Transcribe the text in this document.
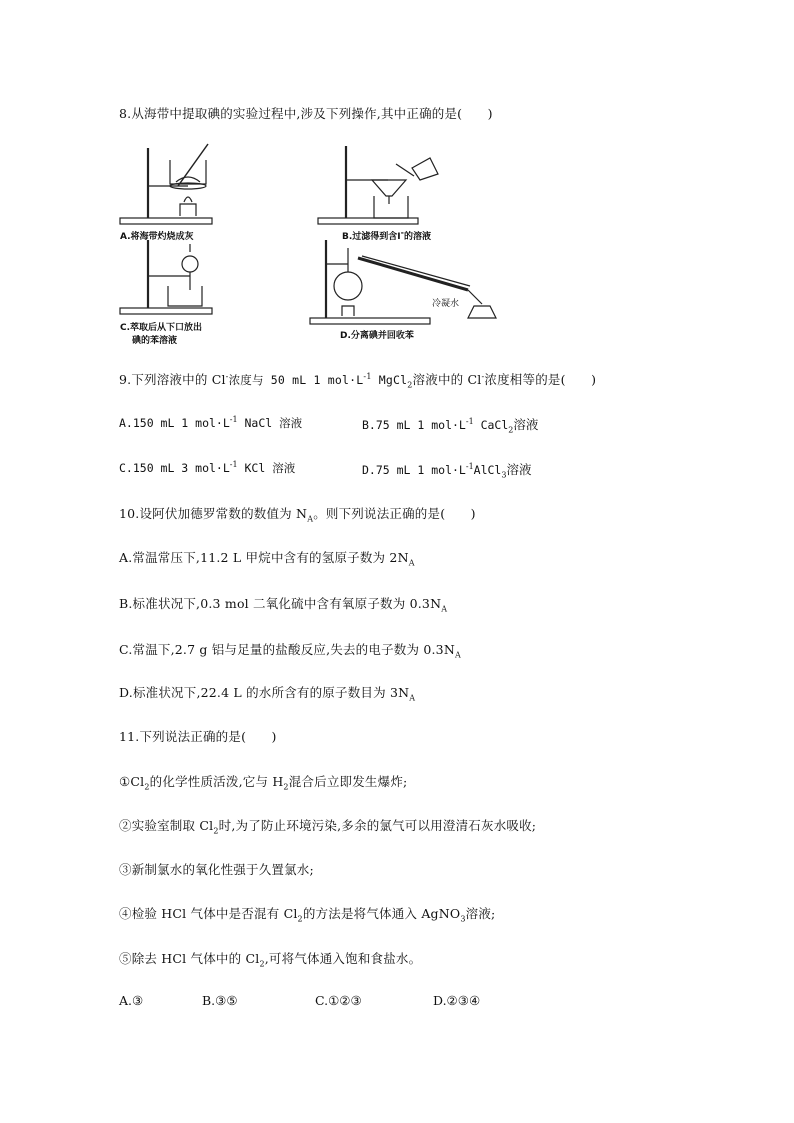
8.从海带中提取碘的实验过程中,涉及下列操作,其中正确的是(　　)
A.将海带灼烧成灰	B.过滤得到含I-的溶液
C.萃取后从下口放出
碘的苯溶液	D.分离碘并回收苯
冷凝水
9.下列溶液中的 Cl-浓度与 50 mL 1 $mol\cdot L^{-1}$ MgCl$_2$溶液中的 Cl-浓度相等的是(　　)
A.150 mL 1 $mol\cdot L^{-1}$ NaCl 溶液	B.75 mL 1 $mol\cdot L^{-1}$ CaCl$_2$溶液
C.150 mL 3 $mol\cdot L^{-1}$ KCl 溶液	D.75 mL 1 $mol\cdot L^{-1}AlCl_3$溶液
10.设阿伏加德罗常数的数值为 $N_A$。则下列说法正确的是(　　)
A.常温常压下,11.2 L 甲烷中含有的氢原子数为 $2N_A$
B.标准状况下,0.3 mol 二氧化硫中含有氧原子数为 $0.3N_A$
C.常温下,2.7 g 铝与足量的盐酸反应,失去的电子数为 $0.3N_A$
D.标准状况下,22.4 L 的水所含有的原子数目为 $3N_A$
11.下列说法正确的是(　　)
$①Cl_2$的化学性质活泼,它与 $H_2$混合后立即发生爆炸;
②实验室制取 $Cl_2$时,为了防止环境污染,多余的氯气可以用澄清石灰水吸收;
③新制氯水的氧化性强于久置氯水;
④检验 HCl 气体中是否混有 $Cl_2$的方法是将气体通入 AgNO$_3$溶液;
⑤除去 HCl 气体中的 $Cl_2$,可将气体通入饱和食盐水。
A.③	B.③⑤	C.①②③	D.②③④
